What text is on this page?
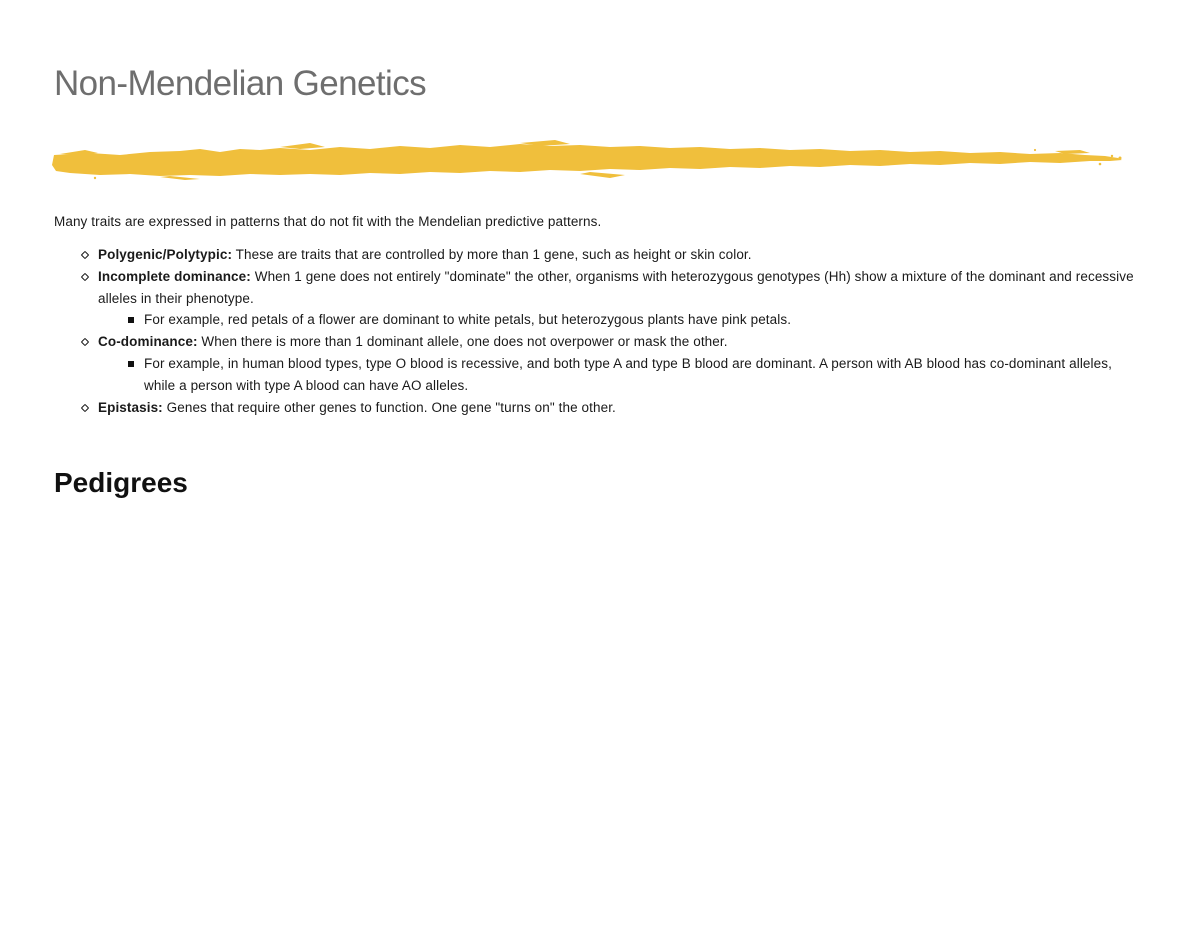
Non-Mendelian Genetics

Many traits are expressed in patterns that do not fit with the Mendelian predictive patterns.

Polygenic/Polytypic: These are traits that are controlled by more than 1 gene, such as height or skin color.
Incomplete dominance: When 1 gene does not entirely "dominate" the other, organisms with heterozygous genotypes (Hh) show a mixture of the dominant and recessive alleles in their phenotype.
For example, red petals of a flower are dominant to white petals, but heterozygous plants have pink petals.
Co-dominance: When there is more than 1 dominant allele, one does not overpower or mask the other.
For example, in human blood types, type O blood is recessive, and both type A and type B blood are dominant. A person with AB blood has co-dominant alleles, while a person with type A blood can have AO alleles.
Epistasis: Genes that require other genes to function. One gene "turns on" the other.
Pedigrees
